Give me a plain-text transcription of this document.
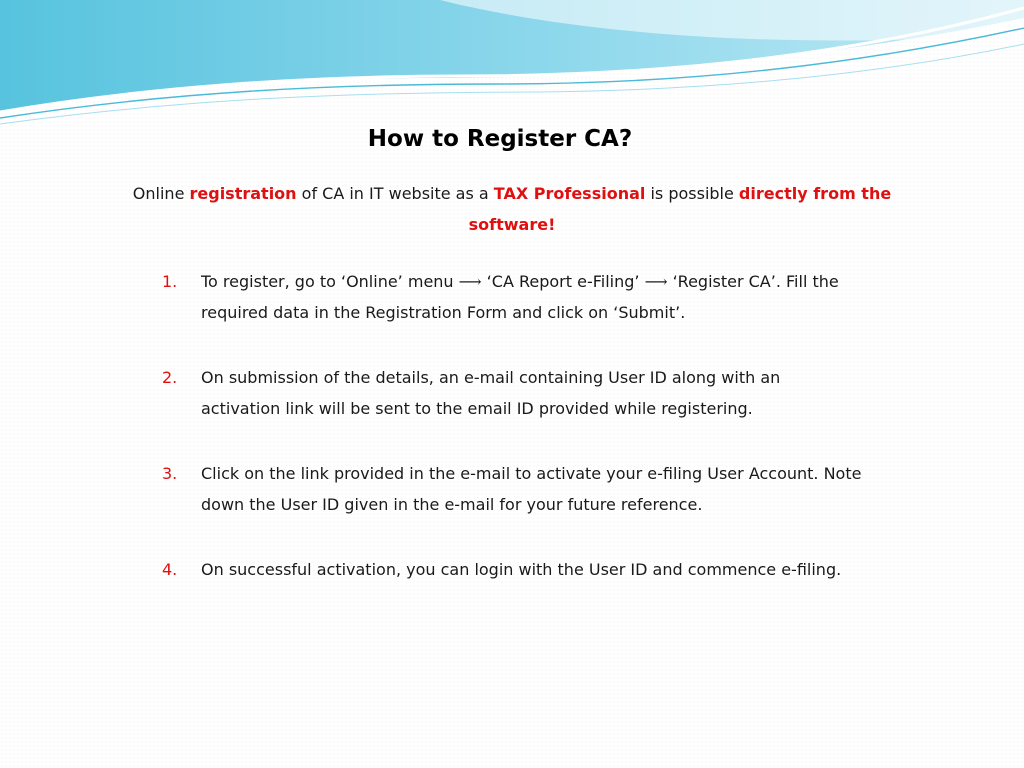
How to Register CA?
Online registration of CA in IT website as a TAX Professional is possible directly from the software!
1. To register, go to ‘Online’ menu ⟶ ‘CA Report e-Filing’ ⟶ ‘Register CA’. Fill the required data in the Registration Form and click on ‘Submit’.
2. On submission of the details, an e-mail containing User ID along with an activation link will be sent to the email ID provided while registering.
3. Click on the link provided in the e-mail to activate your e-filing User Account. Note down the User ID given in the e-mail for your future reference.
4. On successful activation, you can login with the User ID and commence e-filing.
